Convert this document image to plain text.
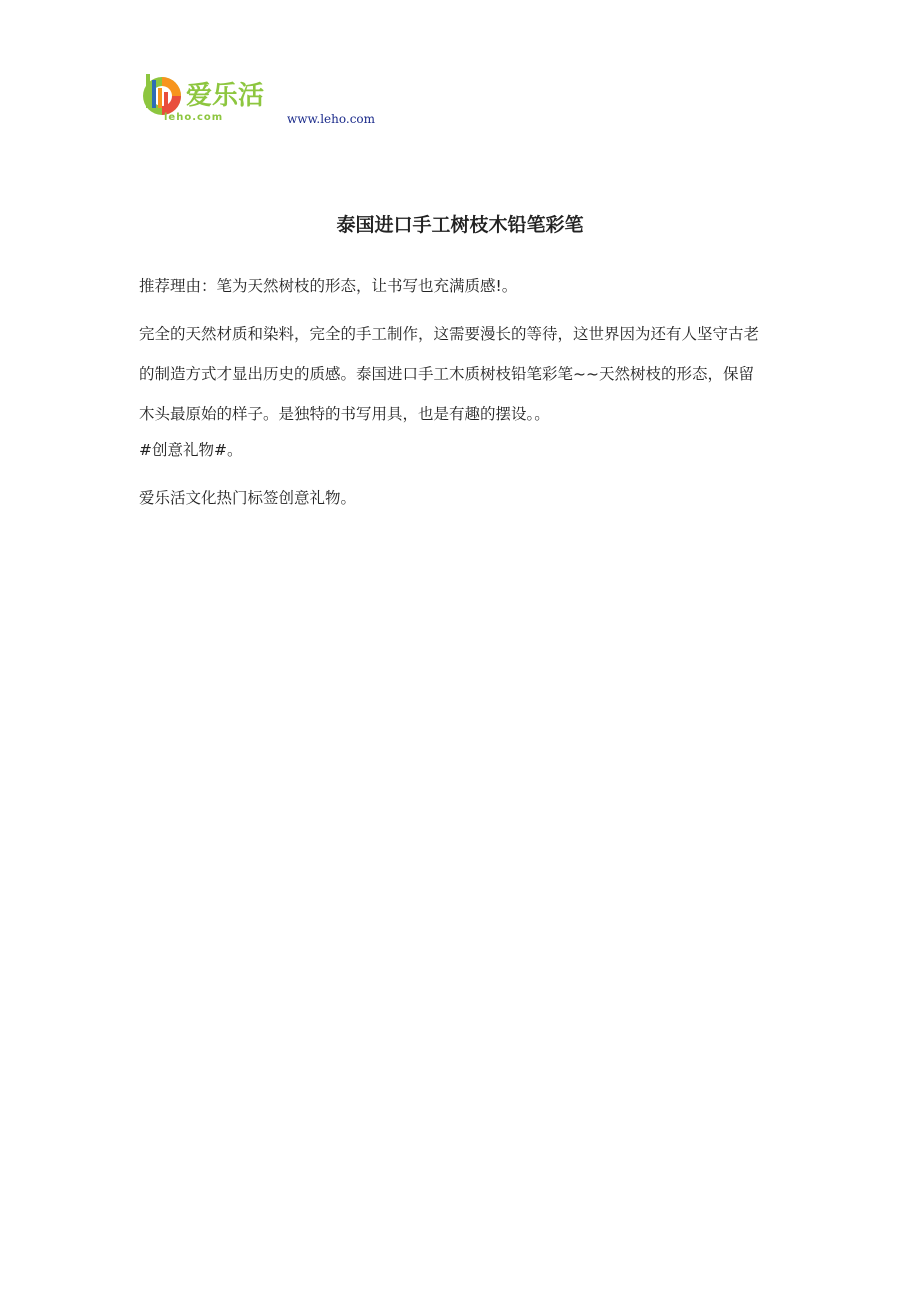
爱乐活
leho.com	www.leho.com
泰国进口手工树枝木铅笔彩笔

推荐理由：笔为天然树枝的形态，让书写也充满质感!。

完全的天然材质和染料，完全的手工制作，这需要漫长的等待，这世界因为还有人坚守古老

的制造方式才显出历史的质感。泰国进口手工木质树枝铅笔彩笔~~天然树枝的形态，保留

木头最原始的样子。是独特的书写用具，也是有趣的摆设。。

#创意礼物#。

爱乐活文化热门标签创意礼物。
